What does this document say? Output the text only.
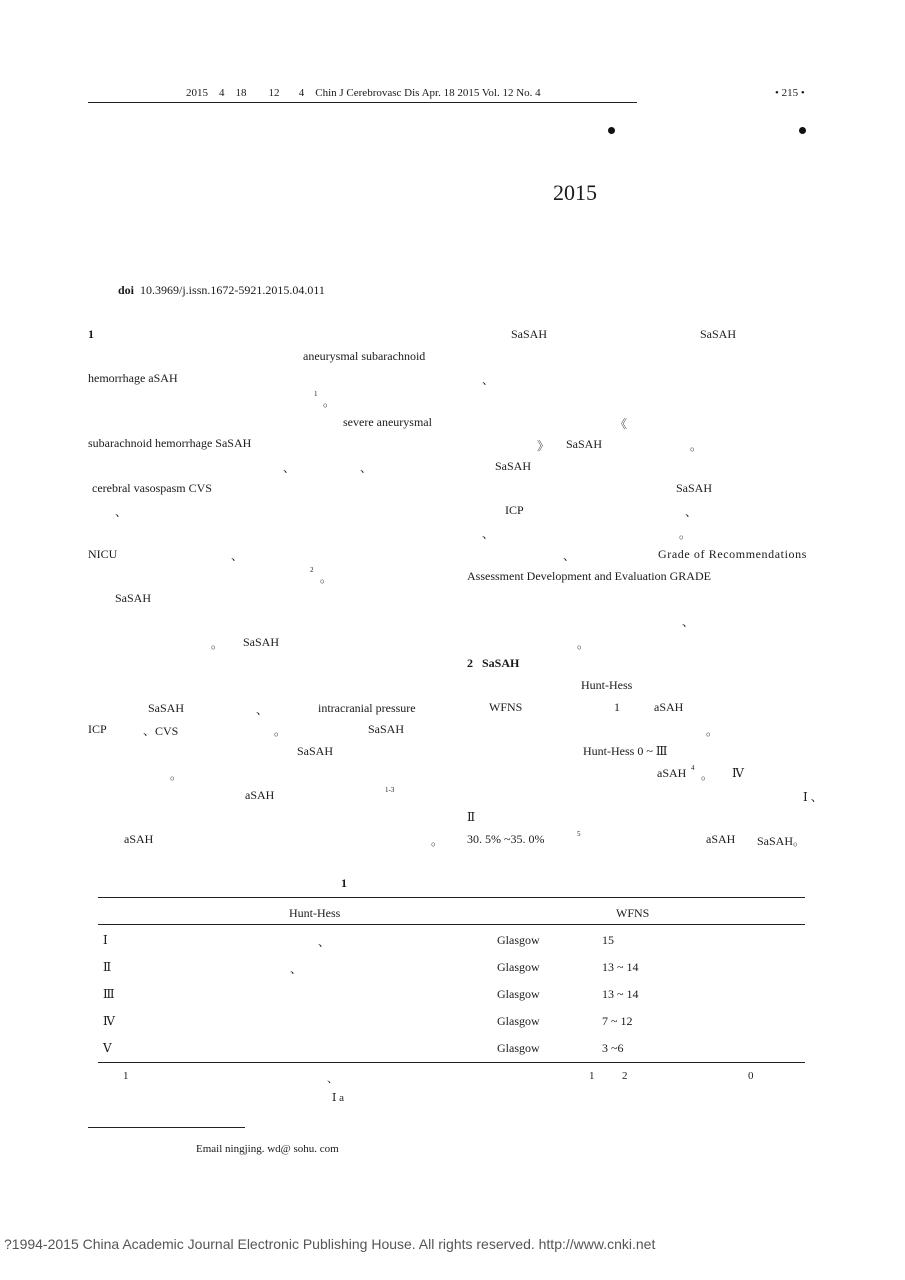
2015    4    18        12       4    Chin J Cerebrovasc Dis Apr. 18 2015 Vol. 12 No. 4	• 215 •
2015
doi 10.3969/j.issn.1672-5921.2015.04.011
1
aneurysmal subarachnoid
hemorrhage aSAH
1
。
severe aneurysmal
subarachnoid hemorrhage SaSAH
、	、
cerebral vasospasm CVS
、
NICU	、
2
。
SaSAH
。 SaSAH
SaSAH	、	intracranial pressure
ICP	、CVS	。	SaSAH
SaSAH
。
aSAH	1-3
aSAH	。
SaSAH	SaSAH
、
《
》 SaSAH	。
SaSAH
SaSAH
ICP	、
、	。
、	Grade of Recommendations
Assessment Development and Evaluation GRADE
、
。
2 SaSAH
Hunt-Hess
WFNS	1	aSAH
。
Hunt-Hess 0 ~ Ⅲ
aSAH 4 。 Ⅳ
Ⅰ 、
Ⅱ
30. 5% ~35. 0%	5	aSAH SaSAH。
1
Hunt-Hess	WFNS
Ⅰ	、	Glasgow	15
Ⅱ	、	Glasgow	13 ~ 14
Ⅲ	Glasgow	13 ~ 14
Ⅳ	Glasgow	7 ~ 12
Ⅴ	Glasgow	3 ~6
1	、	1	2	0
Ⅰ a
Email ningjing. wd@ sohu. com
?1994-2015 China Academic Journal Electronic Publishing House. All rights reserved. http://www.cnki.net
